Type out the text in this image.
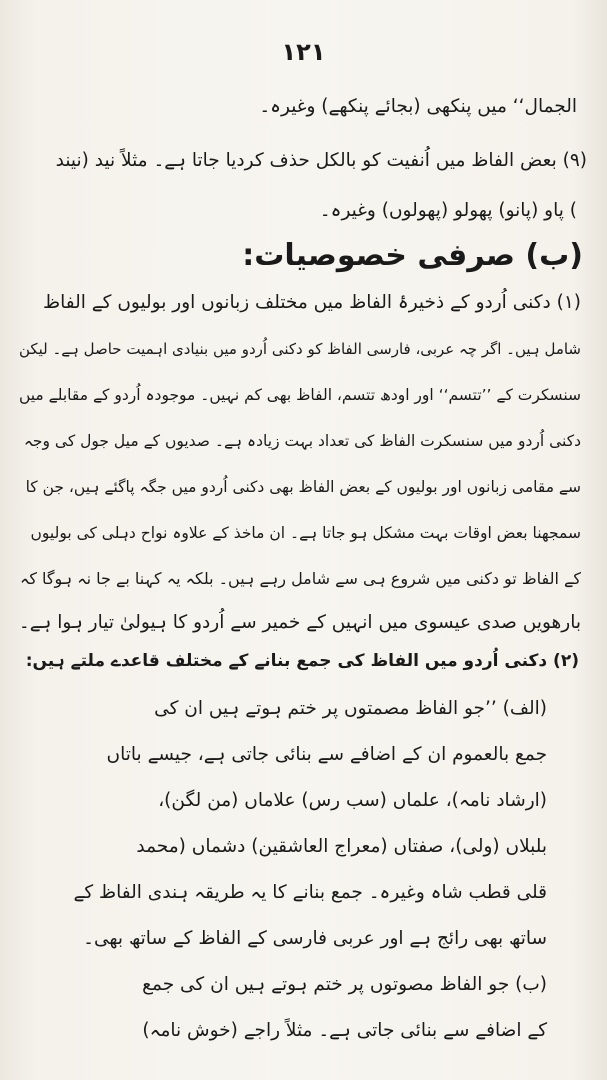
۱۲۱
الجمال‘‘ میں پنکھی (بجائے پنکھے) وغیرہ۔
(۹) بعض الفاظ میں اُنفیت کو بالکل حذف کردیا جاتا ہے۔ مثلاً نید (نیند
) پاو (پانو) پھولو (پھولوں) وغیرہ۔
(ب) صرفی خصوصیات:
(۱) دکنی اُردو کے ذخیرۂ الفاظ میں مختلف زبانوں اور بولیوں کے الفاظ
شامل ہیں۔ اگر چہ عربی، فارسی الفاظ کو دکنی اُردو میں بنیادی اہمیت حاصل ہے۔ لیکن
سنسکرت کے ’’تتسم‘‘ اور اودھ تتسم، الفاظ بھی کم نہیں۔ موجودہ اُردو کے مقابلے میں
دکنی اُردو میں سنسکرت الفاظ کی تعداد بہت زیادہ ہے۔ صدیوں کے میل جول کی وجہ
سے مقامی زبانوں اور بولیوں کے بعض الفاظ بھی دکنی اُردو میں جگہ پاگئے ہیں، جن کا
سمجھنا بعض اوقات بہت مشکل ہو جاتا ہے۔ ان ماخذ کے علاوہ نواح دہلی کی بولیوں
کے الفاظ تو دکنی میں شروع ہی سے شامل رہے ہیں۔ بلکہ یہ کہنا بے جا نہ ہوگا کہ
بارھویں صدی عیسوی میں انہیں کے خمیر سے اُردو کا ہیولیٰ تیار ہوا ہے۔
(۲) دکنی اُردو میں الفاظ کی جمع بنانے کے مختلف قاعدے ملتے ہیں:
(الف) ’’جو الفاظ مصمتوں پر ختم ہوتے ہیں ان کی
جمع بالعموم ان کے اضافے سے بنائی جاتی ہے، جیسے باتاں
(ارشاد نامہ)، علماں (سب رس) علاماں (من لگن)،
بلبلاں (ولی)، صفتاں (معراج العاشقین) دشماں (محمد
قلی قطب شاہ وغیرہ۔ جمع بنانے کا یہ طریقہ ہندی الفاظ کے
ساتھ بھی رائج ہے اور عربی فارسی کے الفاظ کے ساتھ بھی۔
(ب) جو الفاظ مصوتوں پر ختم ہوتے ہیں ان کی جمع
کے اضافے سے بنائی جاتی ہے۔ مثلاً راجے (خوش نامہ)
